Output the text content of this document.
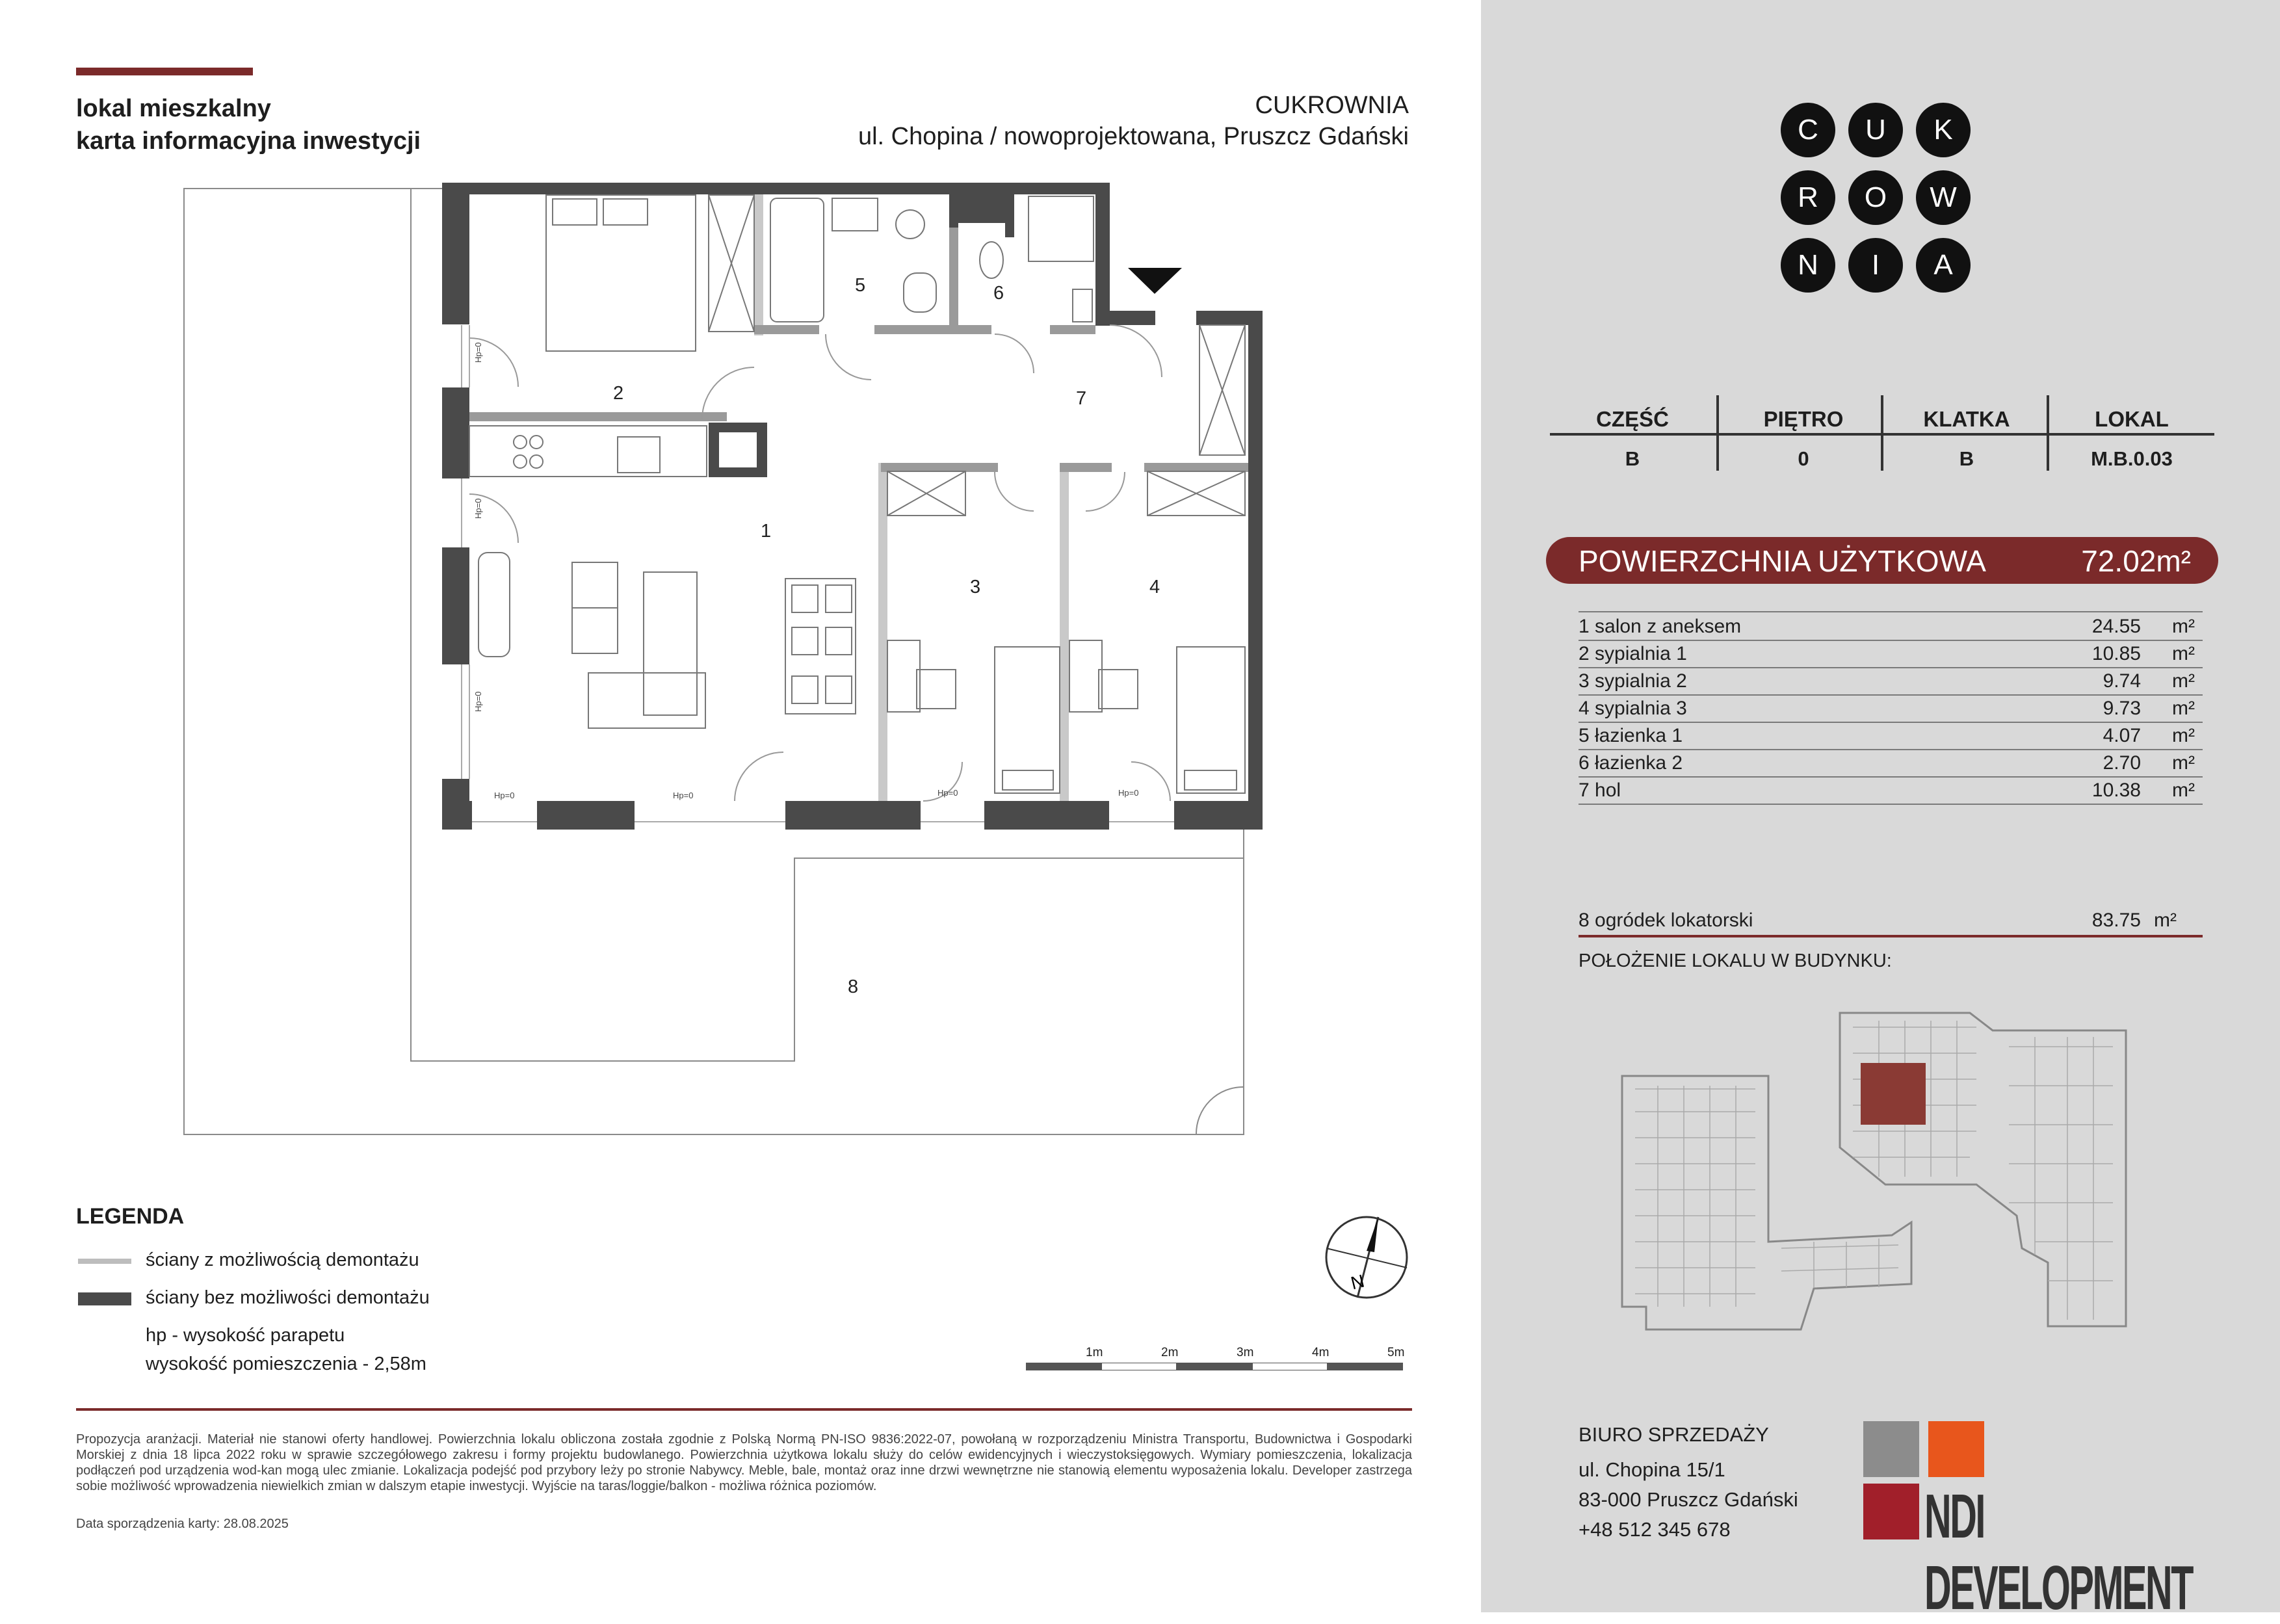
lokal mieszkalny
karta informacyjna inwestycji
CUKROWNIA
ul. Chopina / nowoprojektowana, Pruszcz Gdański
1
2
3	4
5	6
7
8
Hp=0	Hp=0	Hp=0	Hp=0
Hp=0
Hp=0
Hp=0
LEGENDA
ściany z możliwością demontażu
ściany bez możliwości demontażu
hp - wysokość parapetu
wysokość pomieszczenia - 2,58m
N
1m	2m	3m	4m	5m
Propozycja aranżacji. Materiał nie stanowi oferty handlowej. Powierzchnia lokalu obliczona została zgodnie z Polską Normą PN-ISO 9836:2022-07, powołaną w rozporządzeniu Ministra Transportu, Budownictwa i Gospodarki Morskiej z dnia 18 lipca 2022 roku w sprawie szczegółowego zakresu i formy projektu budowlanego. Powierzchnia użytkowa lokalu służy do celów ewidencyjnych i wieczystoksięgowych. Wymiary pomieszczenia, lokalizacja podłączeń pod urządzenia wod-kan mogą ulec zmianie. Lokalizacja podejść pod przybory leży po stronie Nabywcy. Meble, bale, montaż oraz inne drzwi wewnętrzne nie stanowią elementu wyposażenia lokalu. Developer zastrzega sobie możliwość wprowadzenia niewielkich zmian w dalszym etapie inwestycji. Wyjście na taras/loggie/balkon - możliwa różnica poziomów.
Data sporządzenia karty: 28.08.2025
C	U	K
R	O	W
N	I	A
CZĘŚĆ	PIĘTRO	KLATKA	LOKAL
B	0	B	M.B.0.03
POWIERZCHNIA UŻYTKOWA	72.02m²
1 salon z aneksem	24.55 m²
2 sypialnia 1	10.85 m²
3 sypialnia 2	9.74 m²
4 sypialnia 3	9.73 m²
5 łazienka 1	4.07 m²
6 łazienka 2	2.70 m²
7 hol	10.38 m²
8 ogródek lokatorski	83.75 m²
POŁOŻENIE LOKALU W BUDYNKU:
BIURO SPRZEDAŻY
ul. Chopina 15/1
83-000 Pruszcz Gdański
+48 512 345 678	NDI DEVELOPMENT
